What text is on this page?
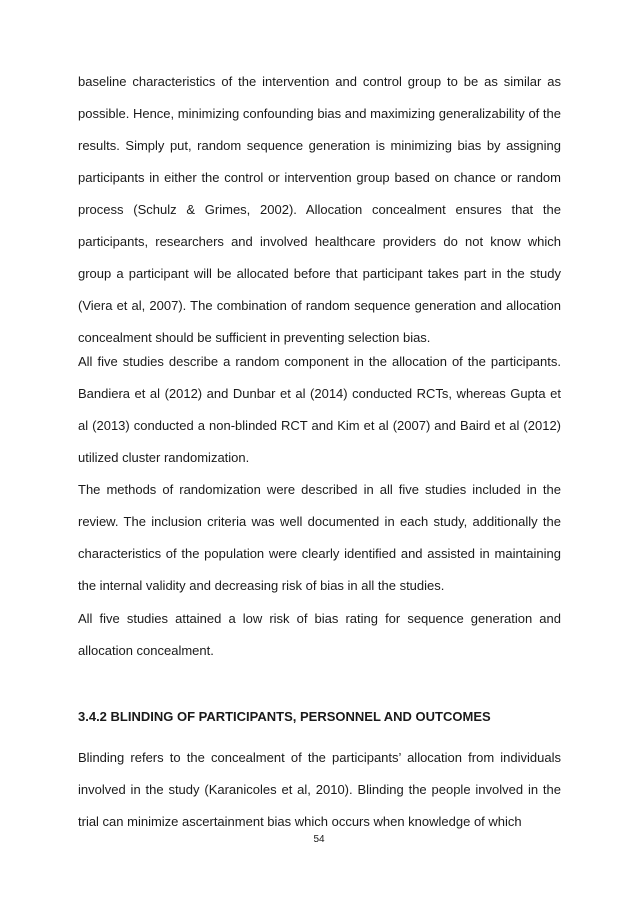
baseline characteristics of the intervention and control group to be as similar as possible. Hence, minimizing confounding bias and maximizing generalizability of the results. Simply put, random sequence generation is minimizing bias by assigning participants in either the control or intervention group based on chance or random process (Schulz & Grimes, 2002). Allocation concealment ensures that the participants, researchers and involved healthcare providers do not know which group a participant will be allocated before that participant takes part in the study (Viera et al, 2007). The combination of random sequence generation and allocation concealment should be sufficient in preventing selection bias.

All five studies describe a random component in the allocation of the participants. Bandiera et al (2012) and Dunbar et al (2014) conducted RCTs, whereas Gupta et al (2013) conducted a non-blinded RCT and Kim et al (2007) and Baird et al (2012) utilized cluster randomization.

The methods of randomization were described in all five studies included in the review. The inclusion criteria was well documented in each study, additionally the characteristics of the population were clearly identified and assisted in maintaining the internal validity and decreasing risk of bias in all the studies.

All five studies attained a low risk of bias rating for sequence generation and allocation concealment.

3.4.2 BLINDING OF PARTICIPANTS, PERSONNEL AND OUTCOMES

Blinding refers to the concealment of the participants’ allocation from individuals involved in the study (Karanicoles et al, 2010). Blinding the people involved in the trial can minimize ascertainment bias which occurs when knowledge of which

54
